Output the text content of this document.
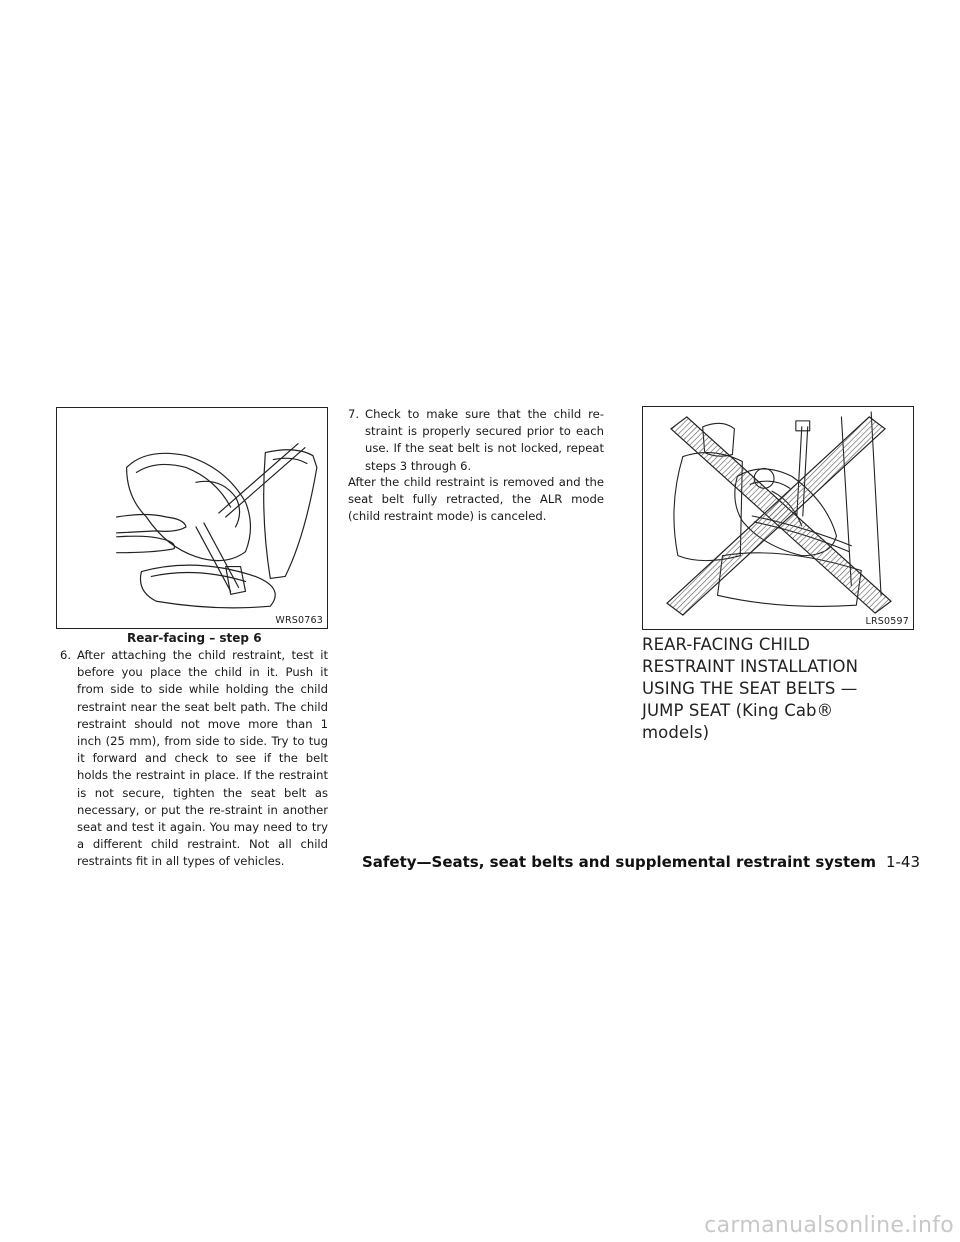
WRS0763
Rear-facing – step 6
6. After attaching the child restraint, test it before you place the child in it. Push it from side to side while holding the child restraint near the seat belt path. The child restraint should not move more than 1 inch (25 mm), from side to side. Try to tug it forward and check to see if the belt holds the restraint in place. If the restraint is not secure, tighten the seat belt as necessary, or put the re-straint in another seat and test it again. You may need to try a different child restraint. Not all child restraints fit in all types of vehicles.
7. Check to make sure that the child re-straint is properly secured prior to each use. If the seat belt is not locked, repeat steps 3 through 6.
After the child restraint is removed and the seat belt fully retracted, the ALR mode (child restraint mode) is canceled.
LRS0597
REAR-FACING CHILD RESTRAINT INSTALLATION USING THE SEAT BELTS — JUMP SEAT (King Cab® models)
Safety—Seats, seat belts and supplemental restraint system 1-43
carmanualsonline.info
